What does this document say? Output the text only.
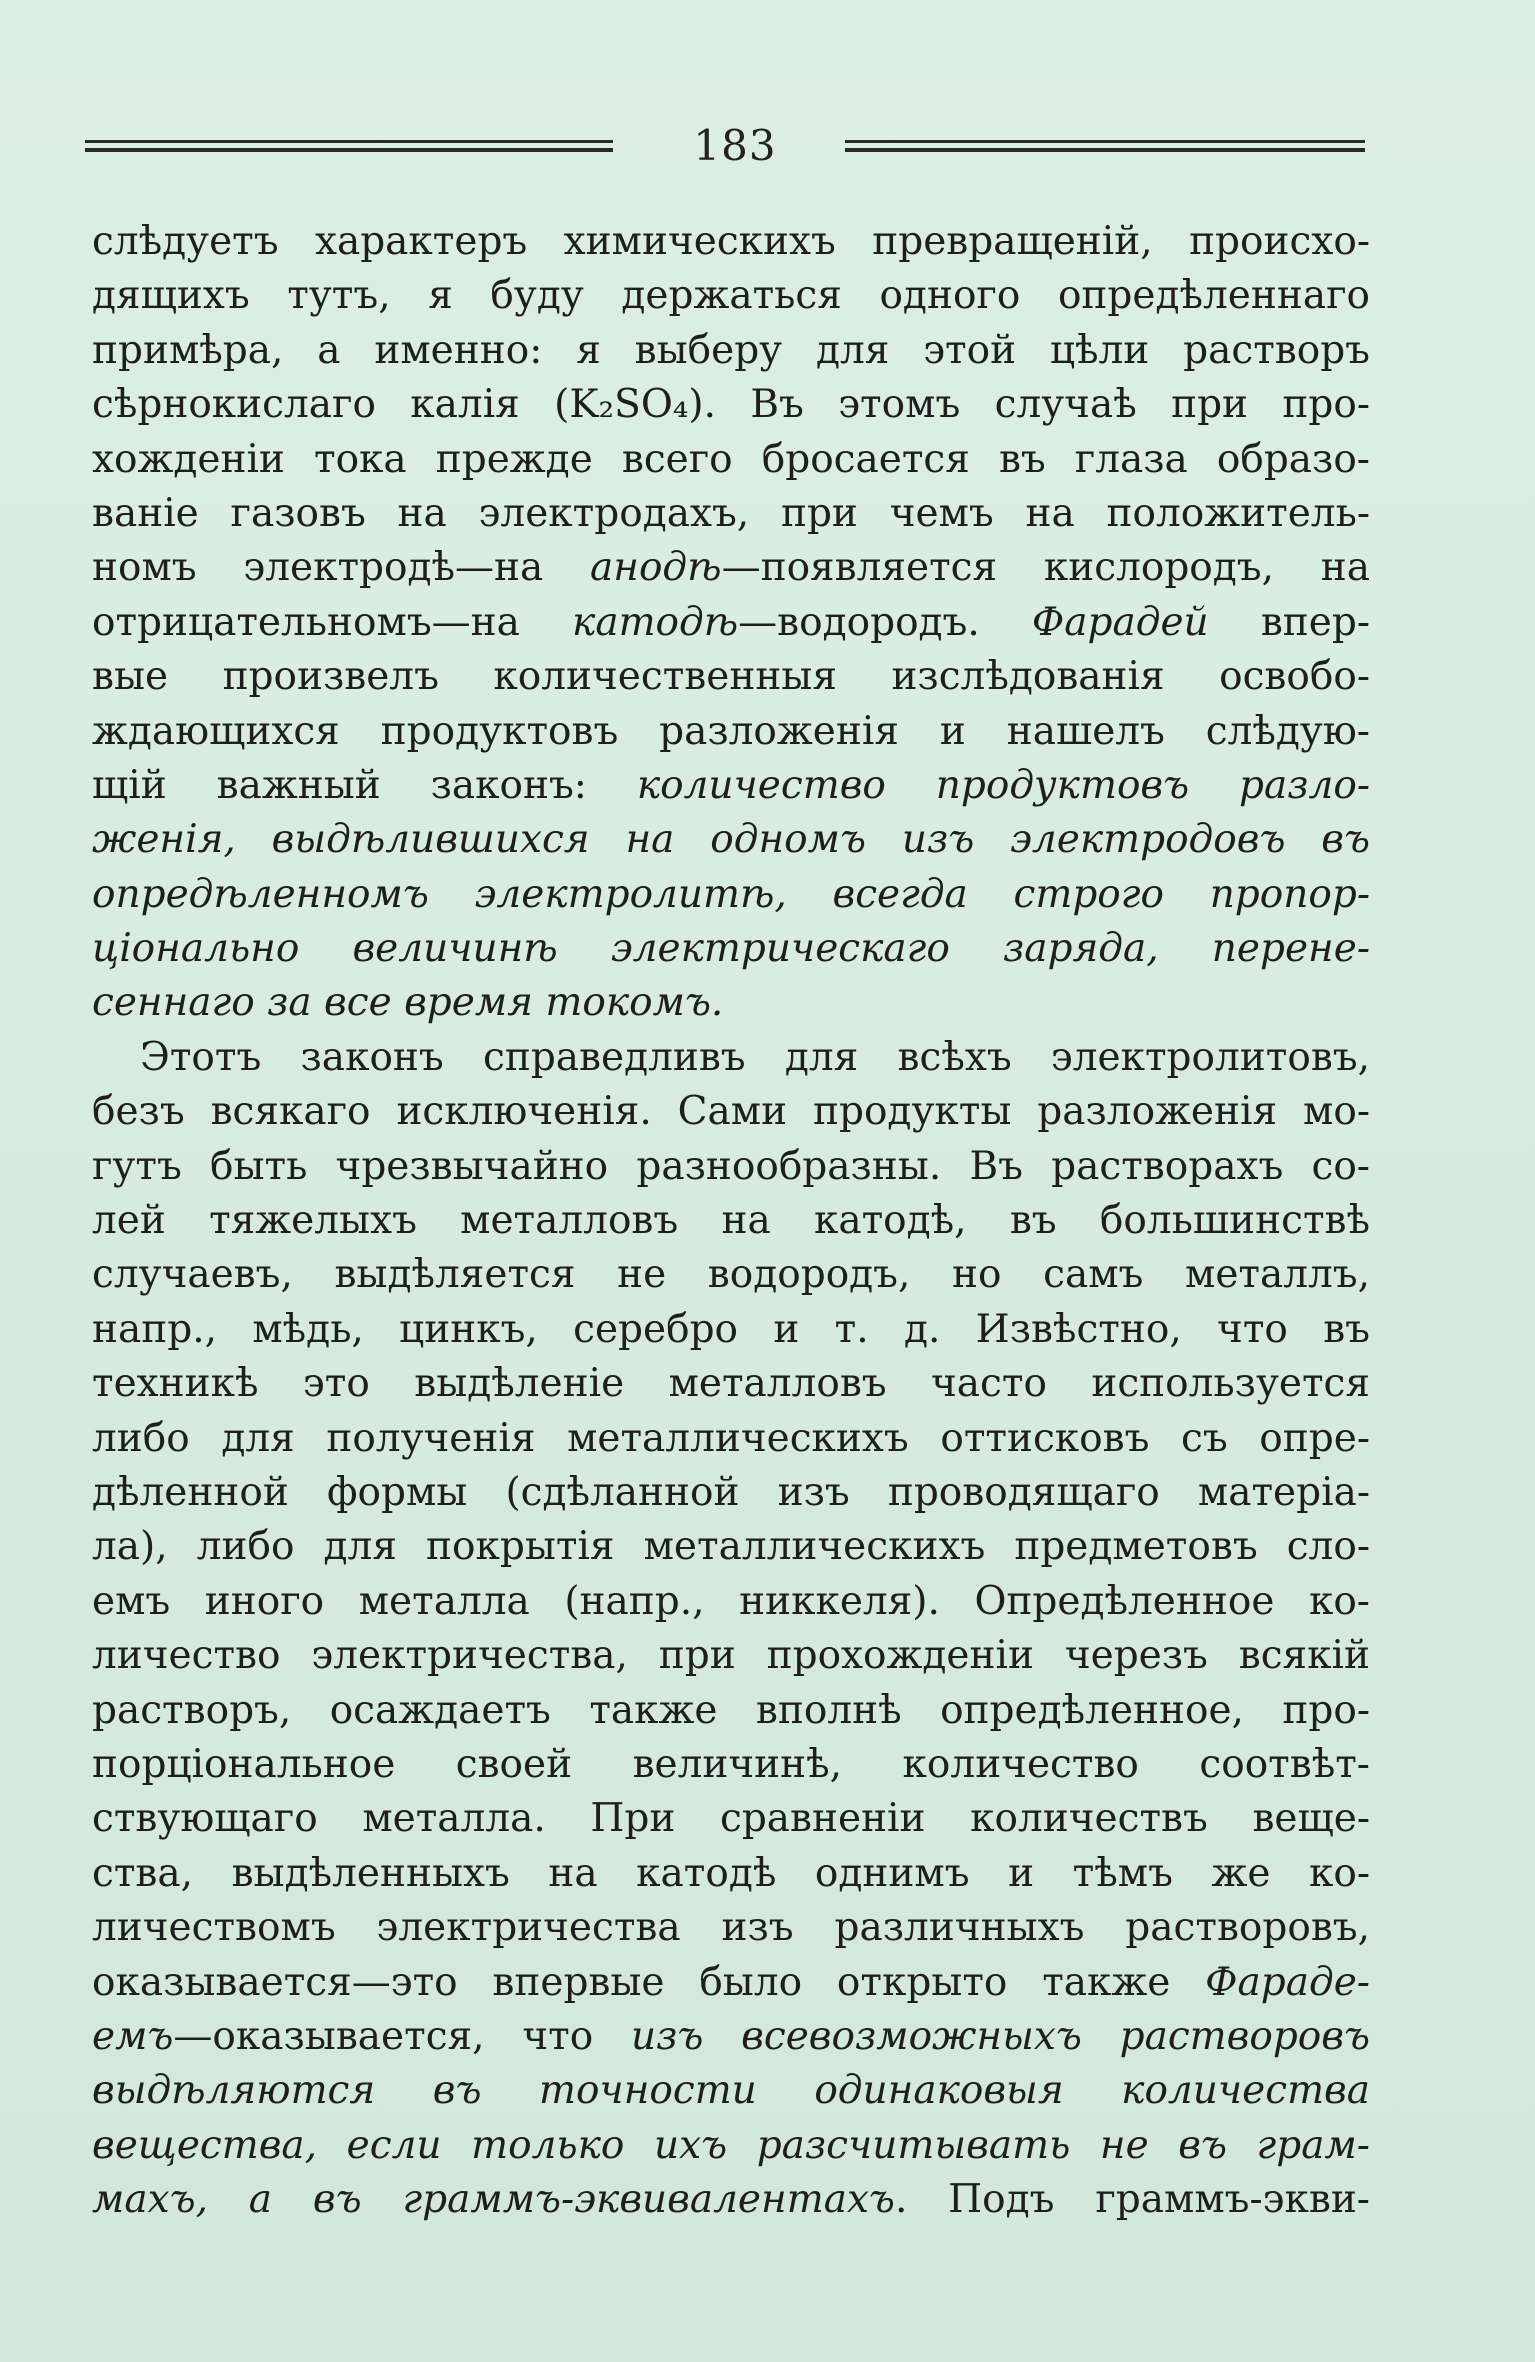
183
слѣдуетъ характеръ химическихъ превращенiй, происхо-
дящихъ тутъ, я буду держаться одного опредѣленнаго
примѣра, а именно: я выберу для этой цѣли растворъ
сѣрнокислаго калiя (K₂SO₄). Въ этомъ случаѣ при про-
хожденiи тока прежде всего бросается въ глаза образо-
ванiе газовъ на электродахъ, при чемъ на положитель-
номъ электродѣ—на анодѣ—появляется кислородъ, на
отрицательномъ—на катодѣ—водородъ. Фарадей впер-
вые произвелъ количественныя изслѣдованiя освобо-
ждающихся продуктовъ разложенiя и нашелъ слѣдую-
щiй важный законъ: количество продуктовъ разло-
женiя, выдѣлившихся на одномъ изъ электродовъ въ
опредѣленномъ электролитѣ, всегда строго пропор-
цiонально величинѣ электрическаго заряда, перене-
сеннаго за все время токомъ.
Этотъ законъ справедливъ для всѣхъ электролитовъ,
безъ всякаго исключенiя. Сами продукты разложенiя мо-
гутъ быть чрезвычайно разнообразны. Въ растворахъ со-
лей тяжелыхъ металловъ на катодѣ, въ большинствѣ
случаевъ, выдѣляется не водородъ, но самъ металлъ,
напр., мѣдь, цинкъ, серебро и т. д. Извѣстно, что въ
техникѣ это выдѣленiе металловъ часто используется
либо для полученiя металлическихъ оттисковъ съ опре-
дѣленной формы (сдѣланной изъ проводящаго матерiа-
ла), либо для покрытiя металлическихъ предметовъ сло-
емъ иного металла (напр., никкеля). Опредѣленное ко-
личество электричества, при прохожденiи черезъ всякiй
растворъ, осаждаетъ также вполнѣ опредѣленное, про-
порцiональное своей величинѣ, количество соотвѣт-
ствующаго металла. При сравненiи количествъ веще-
ства, выдѣленныхъ на катодѣ однимъ и тѣмъ же ко-
личествомъ электричества изъ различныхъ растворовъ,
оказывается—это впервые было открыто также Фараде-
емъ—оказывается, что изъ всевозможныхъ растворовъ
выдѣляются въ точности одинаковыя количества
вещества, если только ихъ разсчитывать не въ грам-
махъ, а въ граммъ-эквивалентахъ. Подъ граммъ-экви-
